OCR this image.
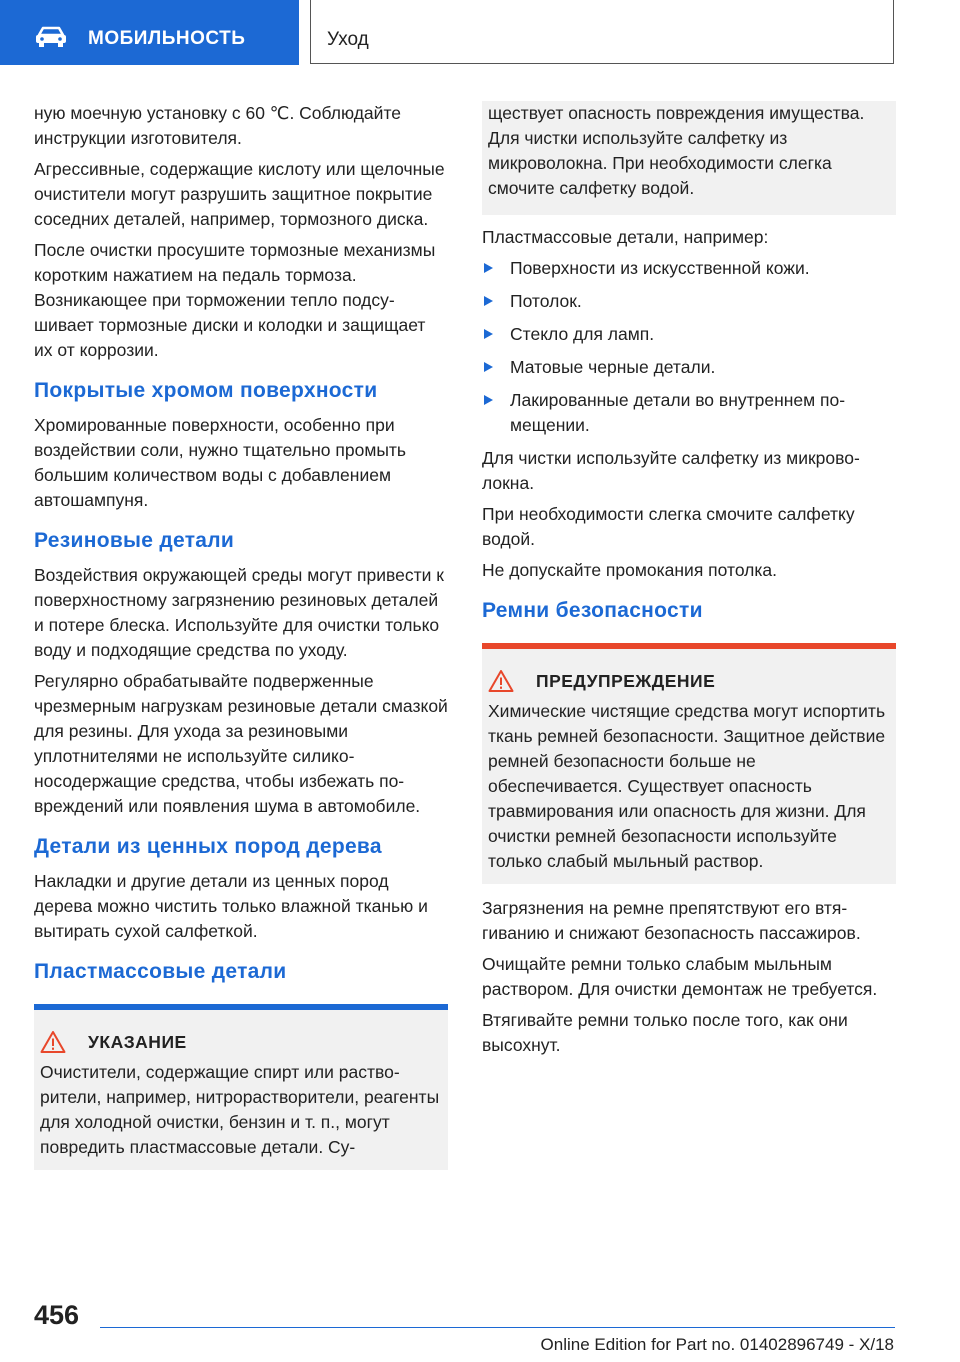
МОБИЛЬНОСТЬ	Уход

ную моечную установку с 60 ℃. Соблюдайте инструкции изготовителя.

Агрессивные, содержащие кислоту или щелочные очистители могут разрушить защитное покрытие соседних деталей, например, тормозного диска.

После очистки просушите тормозные механизмы коротким нажатием на педаль тормоза. Возникающее при торможении тепло подсушивает тормозные диски и колодки и защищает их от коррозии.

Покрытые хромом поверхности

Хромированные поверхности, особенно при воздействии соли, нужно тщательно промыть большим количеством воды с добавлением автошампуня.

Резиновые детали

Воздействия окружающей среды могут привести к поверхностному загрязнению резиновых деталей и потере блеска. Используйте для очистки только воду и подходящие средства по уходу.

Регулярно обрабатывайте подверженные чрезмерным нагрузкам резиновые детали смазкой для резины. Для ухода за резиновыми уплотнителями не используйте силиконосодержащие средства, чтобы избежать повреждений или появления шума в автомобиле.

Детали из ценных пород дерева

Накладки и другие детали из ценных пород дерева можно чистить только влажной тканью и вытирать сухой салфеткой.

Пластмассовые детали
УКАЗАНИЕ

Очистители, содержащие спирт или растворители, например, нитрорастворители, реагенты для холодной очистки, бензин и т. п., могут повредить пластмассовые детали. Су-

ществует опасность повреждения имущества. Для чистки используйте салфетку из микроволокна. При необходимости слегка смочите салфетку водой.

Пластмассовые детали, например:

Поверхности из искусственной кожи.
Потолок.
Стекло для ламп.
Матовые черные детали.
Лакированные детали во внутреннем помещении.

Для чистки используйте салфетку из микроволокна.

При необходимости слегка смочите салфетку водой.

Не допускайте промокания потолка.

Ремни безопасности
ПРЕДУПРЕЖДЕНИЕ

Химические чистящие средства могут испортить ткань ремней безопасности. Защитное действие ремней безопасности больше не обеспечивается. Существует опасность травмирования или опасность для жизни. Для очистки ремней безопасности используйте только слабый мыльный раствор.

Загрязнения на ремне препятствуют его втягиванию и снижают безопасность пассажиров.

Очищайте ремни только слабым мыльным раствором. Для очистки демонтаж не требуется.

Втягивайте ремни только после того, как они высохнут.

456
Online Edition for Part no. 01402896749 - X/18
